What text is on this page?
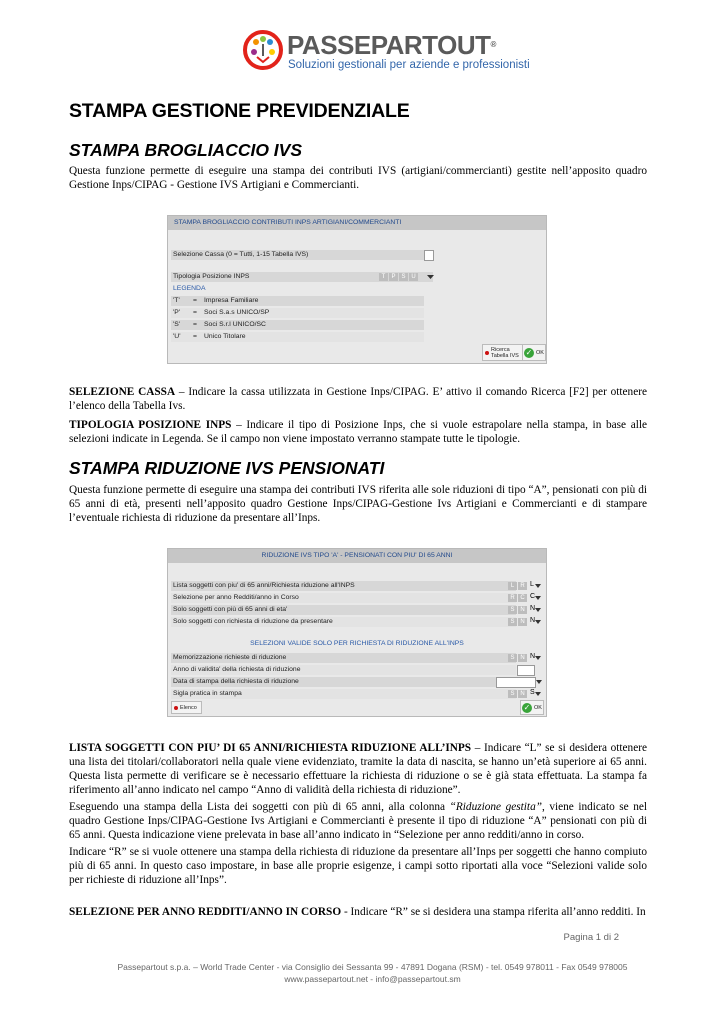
PASSEPARTOUT®
Soluzioni gestionali per aziende e professionisti
STAMPA GESTIONE PREVIDENZIALE
STAMPA BROGLIACCIO IVS

Questa funzione permette di eseguire una stampa dei contributi IVS (artigiani/commercianti) gestite nell’apposito quadro Gestione Inps/CIPAG - Gestione IVS Artigiani e Commercianti.

STAMPA BROGLIACCIO CONTRIBUTI INPS ARTIGIANI/COMMERCIANTI
Selezione Cassa (0 = Tutti, 1-15 Tabella IVS)
Tipologia Posizione INPS	T	P S U
LEGENDA
'T' = Impresa Familiare
'P' = Soci S.a.s UNICO/SP
'S' = Soci S.r.l UNICO/SC
'U' = Unico Titolare
Ricerca
Tabella IVS ✓ OK

SELEZIONE CASSA – Indicare la cassa utilizzata in Gestione Inps/CIPAG. E’ attivo il comando Ricerca [F2] per ottenere l’elenco della Tabella Ivs.

TIPOLOGIA POSIZIONE INPS – Indicare il tipo di Posizione Inps, che si vuole estrapolare nella stampa, in base alle selezioni indicate in Legenda. Se il campo non viene impostato verranno stampate tutte le tipologie.

STAMPA RIDUZIONE IVS PENSIONATI

Questa funzione permette di eseguire una stampa dei contributi IVS riferita alle sole riduzioni di tipo “A”, pensionati con più di 65 anni di età, presenti nell’apposito quadro Gestione Inps/CIPAG-Gestione Ivs Artigiani e Commercianti e di stampare l’eventuale richiesta di riduzione da presentare all’Inps.

RIDUZIONE IVS TIPO 'A' - PENSIONATI CON PIU' DI 65 ANNI
Lista soggetti con piu' di 65 anni/Richiesta riduzione all'INPS	L	R L
Selezione per anno Redditi/anno in Corso	R C C
Solo soggetti con più di 65 anni di eta'	S N N
Solo soggetti con richiesta di riduzione da presentare	S N N
SELEZIONI VALIDE SOLO PER RICHIESTA DI RIDUZIONE ALL'INPS
Memorizzazione richieste di riduzione	S N N
Anno di validita' della richiesta di riduzione
Data di stampa della richiesta di riduzione
Sigla pratica in stampa	S N S
Elenco	✓ OK

LISTA SOGGETTI CON PIU’ DI 65 ANNI/RICHIESTA RIDUZIONE ALL’INPS – Indicare “L” se si desidera ottenere una lista dei titolari/collaboratori nella quale viene evidenziato, tramite la data di nascita, se hanno un’età superiore ai 65 anni. Questa lista permette di verificare se è necessario effettuare la richiesta di riduzione o se è già stata effettuata. La stampa fa riferimento all’anno indicato nel campo “Anno di validità della richiesta di riduzione”.

Eseguendo una stampa della Lista dei soggetti con più di 65 anni, alla colonna “Riduzione gestita”, viene indicato se nel quadro Gestione Inps/CIPAG-Gestione Ivs Artigiani e Commercianti è presente il tipo di riduzione “A” pensionati con più di 65 anni. Questa indicazione viene prelevata in base all’anno indicato in “Selezione per anno redditi/anno in corso.

Indicare “R” se si vuole ottenere una stampa della richiesta di riduzione da presentare all’Inps per soggetti che hanno compiuto più di 65 anni. In questo caso impostare, in base alle proprie esigenze, i campi sotto riportati alla voce “Selezioni valide solo per richieste di riduzione all’Inps”.

SELEZIONE PER ANNO REDDITI/ANNO IN CORSO - Indicare “R” se si desidera una stampa riferita all’anno redditi. In

Pagina 1 di 2
Passepartout s.p.a. – World Trade Center - via Consiglio dei Sessanta 99 - 47891 Dogana (RSM) - tel. 0549 978011 - Fax 0549 978005
www.passepartout.net - info@passepartout.sm
